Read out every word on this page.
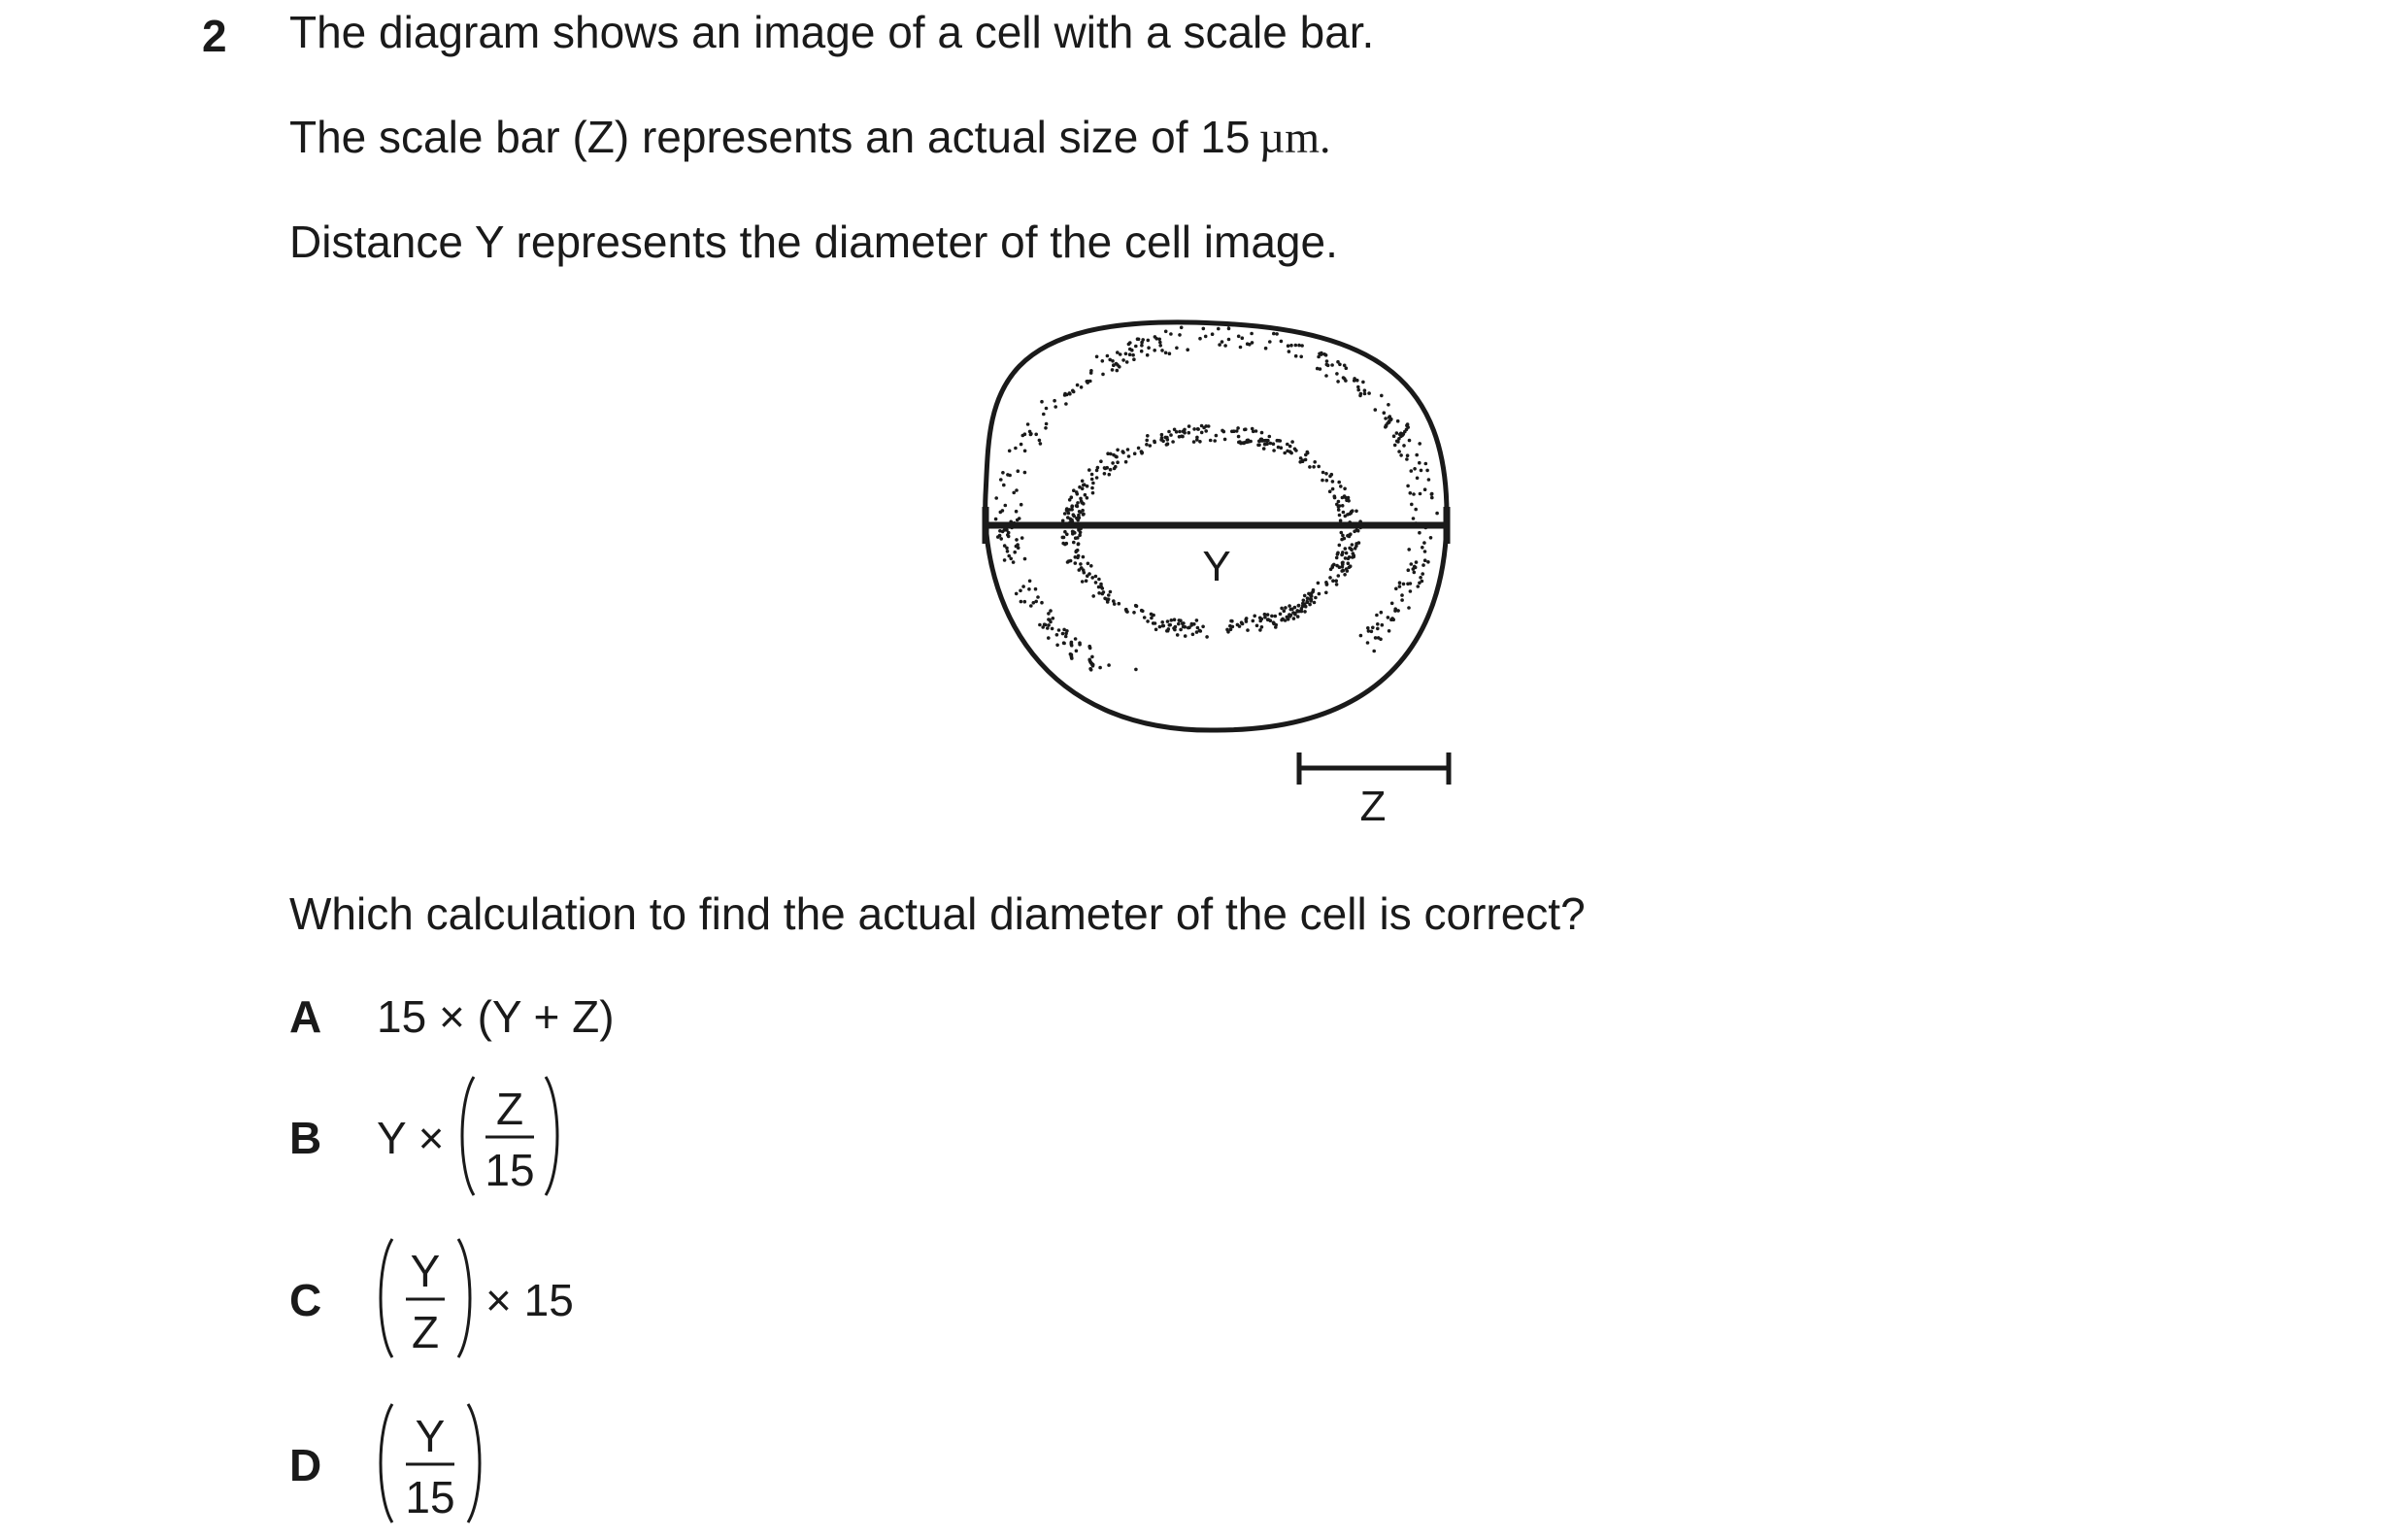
2 The diagram shows an image of a cell with a scale bar.
The scale bar (Z) represents an actual size of 15  µm.
Distance Y represents the diameter of the cell image.
Y
Z
Which calculation to find the actual diameter of the cell is correct?
A 15 × (Y + Z)
B Y ×
Z
15
C
Y
Z
× 15
D
Y
15
